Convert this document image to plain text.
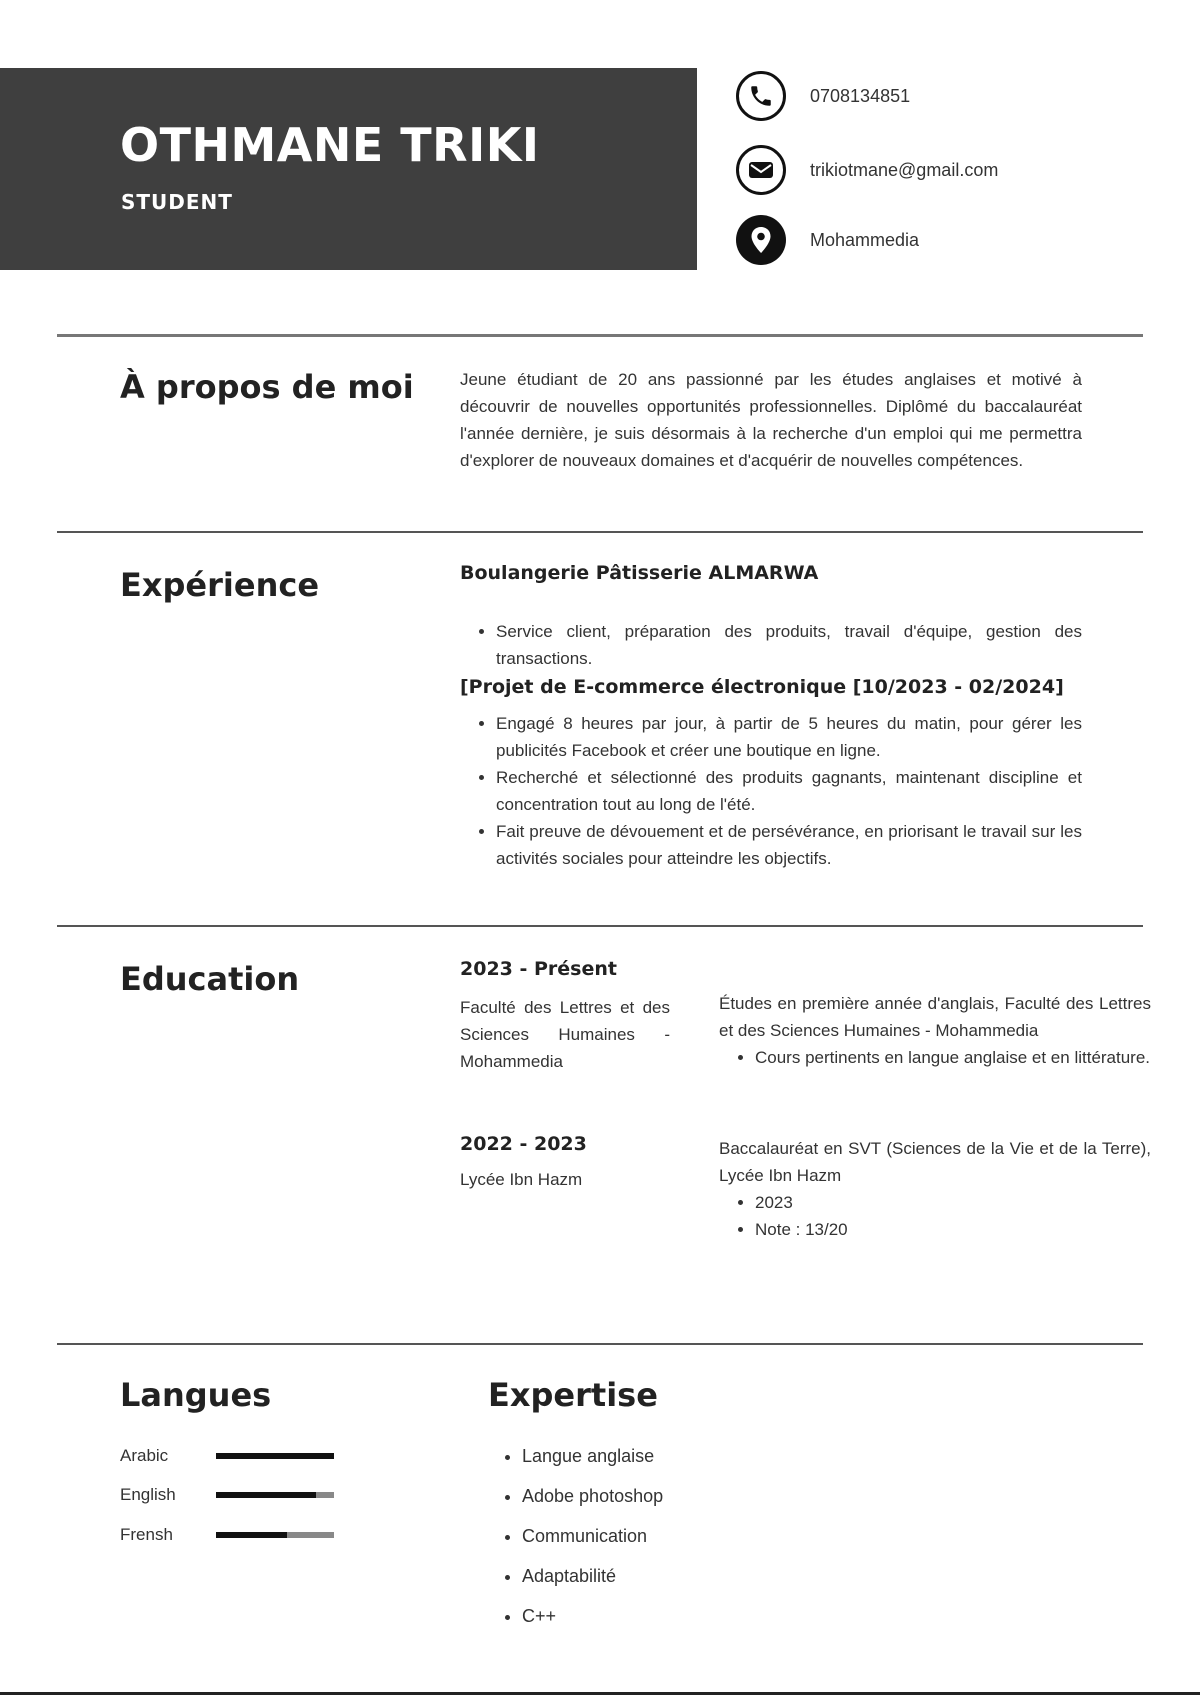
OTHMANE TRIKI
STUDENT
0708134851
trikiotmane@gmail.com
Mohammedia
À propos de moi	Jeune étudiant de 20 ans passionné par les études anglaises et motivé à découvrir de nouvelles opportunités professionnelles. Diplômé du baccalauréat l'année dernière, je suis désormais à la recherche d'un emploi qui me permettra d'explorer de nouveaux domaines et d'acquérir de nouvelles compétences.
Expérience	Boulangerie Pâtisserie ALMARWA
• Service client, préparation des produits, travail d'équipe, gestion des transactions.
[Projet de E-commerce électronique [10/2023 - 02/2024]
• Engagé 8 heures par jour, à partir de 5 heures du matin, pour gérer les publicités Facebook et créer une boutique en ligne.
• Recherché et sélectionné des produits gagnants, maintenant discipline et concentration tout au long de l'été.
• Fait preuve de dévouement et de persévérance, en priorisant le travail sur les activités sociales pour atteindre les objectifs.
Education	2023 - Présent
Faculté des Lettres et des Sciences Humaines - Mohammedia
Études en première année d'anglais, Faculté des Lettres et des Sciences Humaines - Mohammedia
• Cours pertinents en langue anglaise et en littérature.
2022 - 2023
Lycée Ibn Hazm
Baccalauréat en SVT (Sciences de la Vie et de la Terre), Lycée Ibn Hazm
• 2023
• Note : 13/20
Langues
Arabic
English
Frensh
Expertise
• Langue anglaise
• Adobe photoshop
• Communication
• Adaptabilité
• C++
